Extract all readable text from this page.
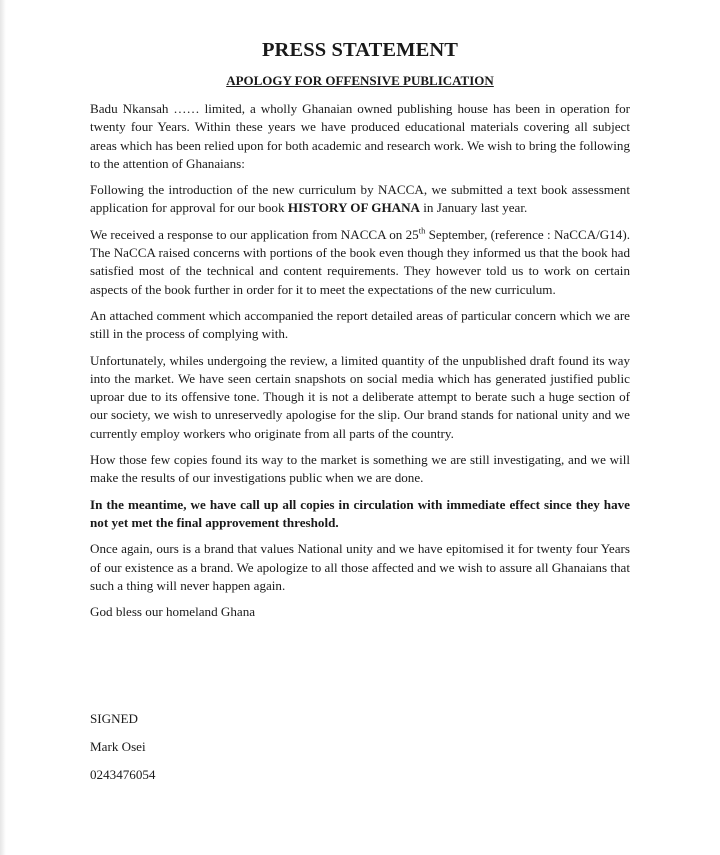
PRESS STATEMENT
APOLOGY FOR OFFENSIVE PUBLICATION

Badu Nkansah …… limited, a wholly Ghanaian owned publishing house has been in operation for twenty four Years. Within these years we have produced educational materials covering all subject areas which has been relied upon for both academic and research work. We wish to bring the following to the attention of Ghanaians:

Following the introduction of the new curriculum by NACCA, we submitted a text book assessment application for approval for our book HISTORY OF GHANA in January last year.

We received a response to our application from NACCA on 25th September, (reference : NaCCA/G14). The NaCCA raised concerns with portions of the book even though they informed us that the book had satisfied most of the technical and content requirements. They however told us to work on certain aspects of the book further in order for it to meet the expectations of the new curriculum.

An attached comment which accompanied the report detailed areas of particular concern which we are still in the process of complying with.

Unfortunately, whiles undergoing the review, a limited quantity of the unpublished draft found its way into the market. We have seen certain snapshots on social media which has generated justified public uproar due to its offensive tone. Though it is not a deliberate attempt to berate such a huge section of our society, we wish to unreservedly apologise for the slip. Our brand stands for national unity and we currently employ workers who originate from all parts of the country.

How those few copies found its way to the market is something we are still investigating, and we will make the results of our investigations public when we are done.

In the meantime, we have call up all copies in circulation with immediate effect since they have not yet met the final approvement threshold.

Once again, ours is a brand that values National unity and we have epitomised it for twenty four Years of our existence as a brand. We apologize to all those affected and we wish to assure all Ghanaians that such a thing will never happen again.

God bless our homeland Ghana

SIGNED
Mark Osei
0243476054
